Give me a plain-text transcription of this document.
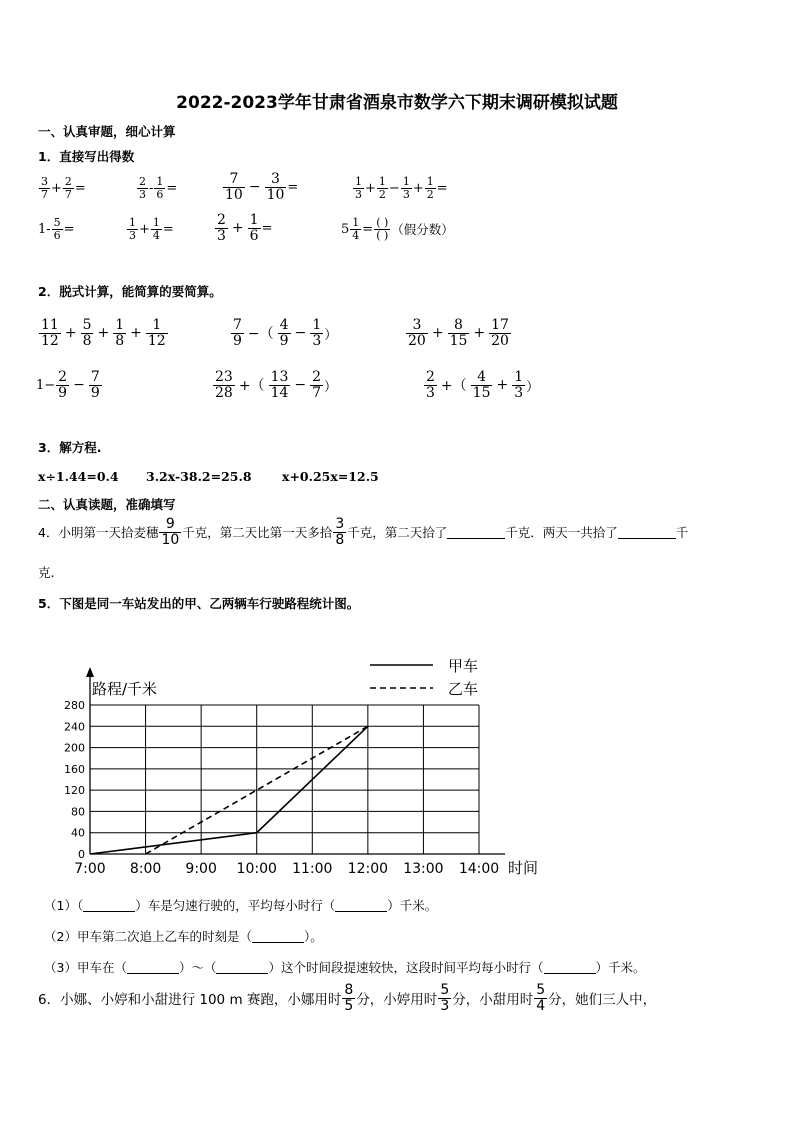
2022-2023学年甘肃省酒泉市数学六下期末调研模拟试题
一、认真审题，细心计算
1．直接写出得数
$\frac{3}{7} + \frac{2}{7}$ =	$\frac{2}{3} - \frac{1}{6}$ =	$\frac{7}{10} - \frac{3}{10}$ =	$\frac{1}{3} + \frac{1}{2} - \frac{1}{3} + \frac{1}{2}$ =
$1- \frac{5}{6}$ =	$\frac{1}{3} + \frac{1}{4}$ =	$\frac{2}{3} + \frac{1}{6}$ =	$5 \frac{1}{4} = \frac{( )}{( )}$ （假分数）
2．脱式计算，能简算的要简算。
$\frac{11}{12} + \frac{5}{8} + \frac{1}{8} + \frac{1}{12}$	$\frac{7}{9}$ −（ $\frac{4}{9} - \frac{1}{3}$ ）	$\frac{3}{20} + \frac{8}{15} + \frac{17}{20}$
$1- \frac{2}{9} - \frac{7}{9}$	$\frac{23}{28}$ +（ $\frac{13}{14} - \frac{2}{7}$ ）	$\frac{2}{3}$ +（ $\frac{4}{15} + \frac{1}{3}$ ）
3．解方程.
x÷1.44=0.4 3.2x-38.2=25.8 x+0.25x=12.5
二、认真读题，准确填写
4．小明第一天拾麦穗 $\frac{9}{10}$ 千克，第二天比第一天多拾 $\frac{3}{8}$ 千克，第二天拾了	千克．两天一共拾了	千
克.
5．下图是同一车站发出的甲、乙两辆车行驶路程统计图。
0
40
80
120
160
200
240
280
7:00 8:00 9:00 10:00 11:00 12:00 13:00 14:00
甲车
乙车
路程/千米
时间
（1）（	）车是匀速行驶的，平均每小时行（	）千米。
（2）甲车第二次追上乙车的时刻是（	）。
（3）甲车在（	）～（	）这个时间段提速较快，这段时间平均每小时行（	）千米。
6．小娜、小婷和小甜进行 100 m 赛跑，小娜用时 $\frac{8}{5}$ 分，小婷用时 $\frac{5}{3}$ 分，小甜用时 $\frac{5}{4}$ 分，她们三人中，
